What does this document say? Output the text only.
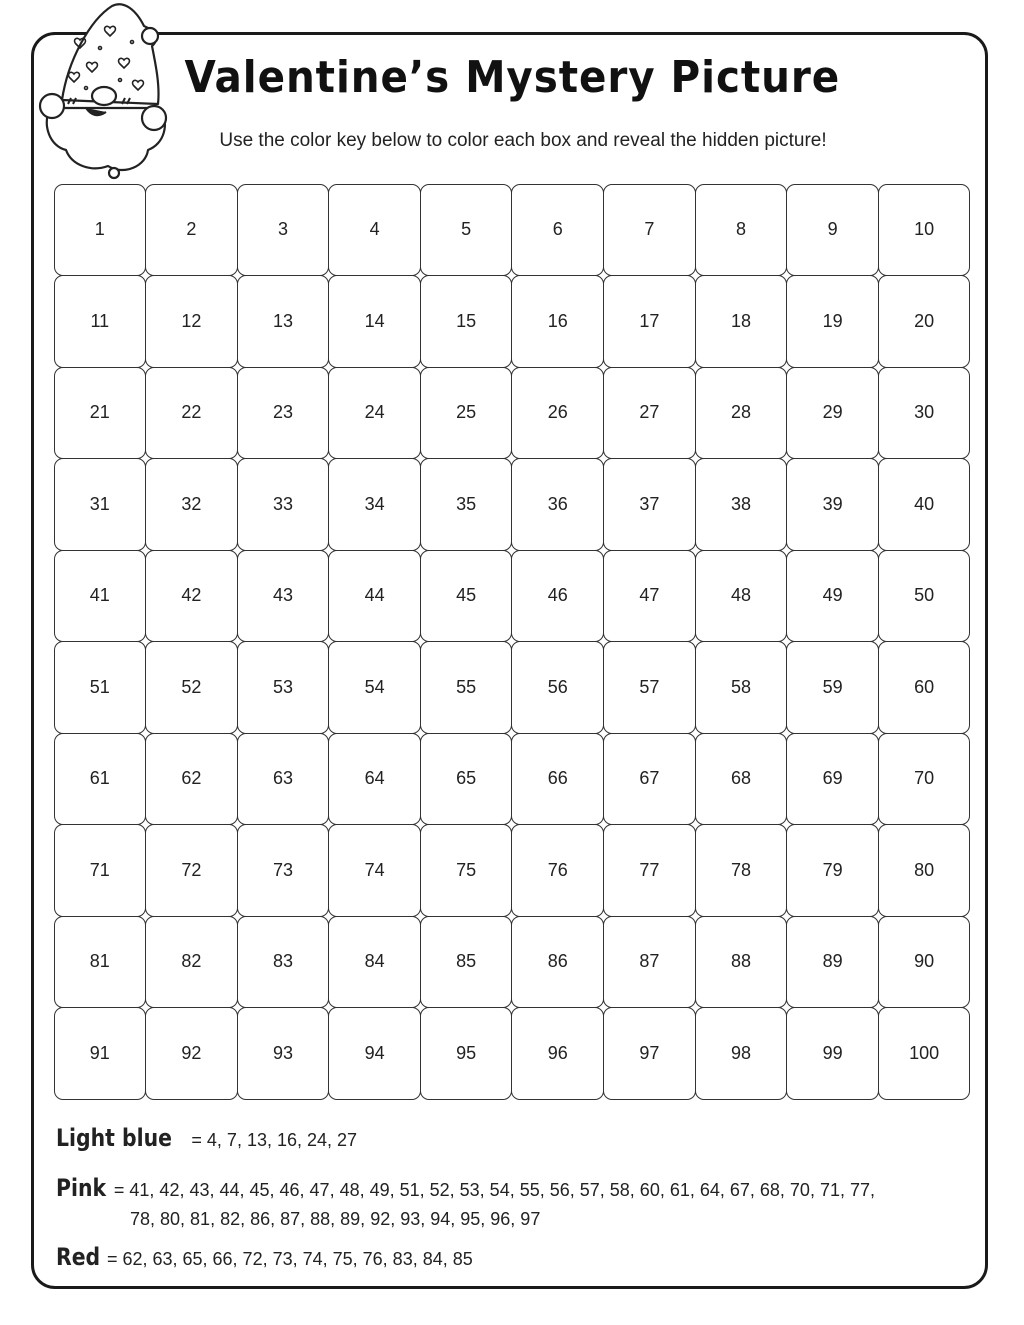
Valentine’s Mystery Picture
Use the color key below to color each box and reveal the hidden picture!
1	2	3	4	5	6	7	8	9	10
11	12	13	14	15	16	17	18	19	20
21	22	23	24	25	26	27	28	29	30
31	32	33	34	35	36	37	38	39	40
41	42	43	44	45	46	47	48	49	50
51	52	53	54	55	56	57	58	59	60
61	62	63	64	65	66	67	68	69	70
71	72	73	74	75	76	77	78	79	80
81	82	83	84	85	86	87	88	89	90
91	92	93	94	95	96	97	98	99	100
Light blue = 4, 7, 13, 16, 24, 27
Pink = 41, 42, 43, 44, 45, 46, 47, 48, 49, 51, 52, 53, 54, 55, 56, 57, 58, 60, 61, 64, 67, 68, 70, 71, 77,
78, 80, 81, 82, 86, 87, 88, 89, 92, 93, 94, 95, 96, 97
Red = 62, 63, 65, 66, 72, 73, 74, 75, 76, 83, 84, 85
